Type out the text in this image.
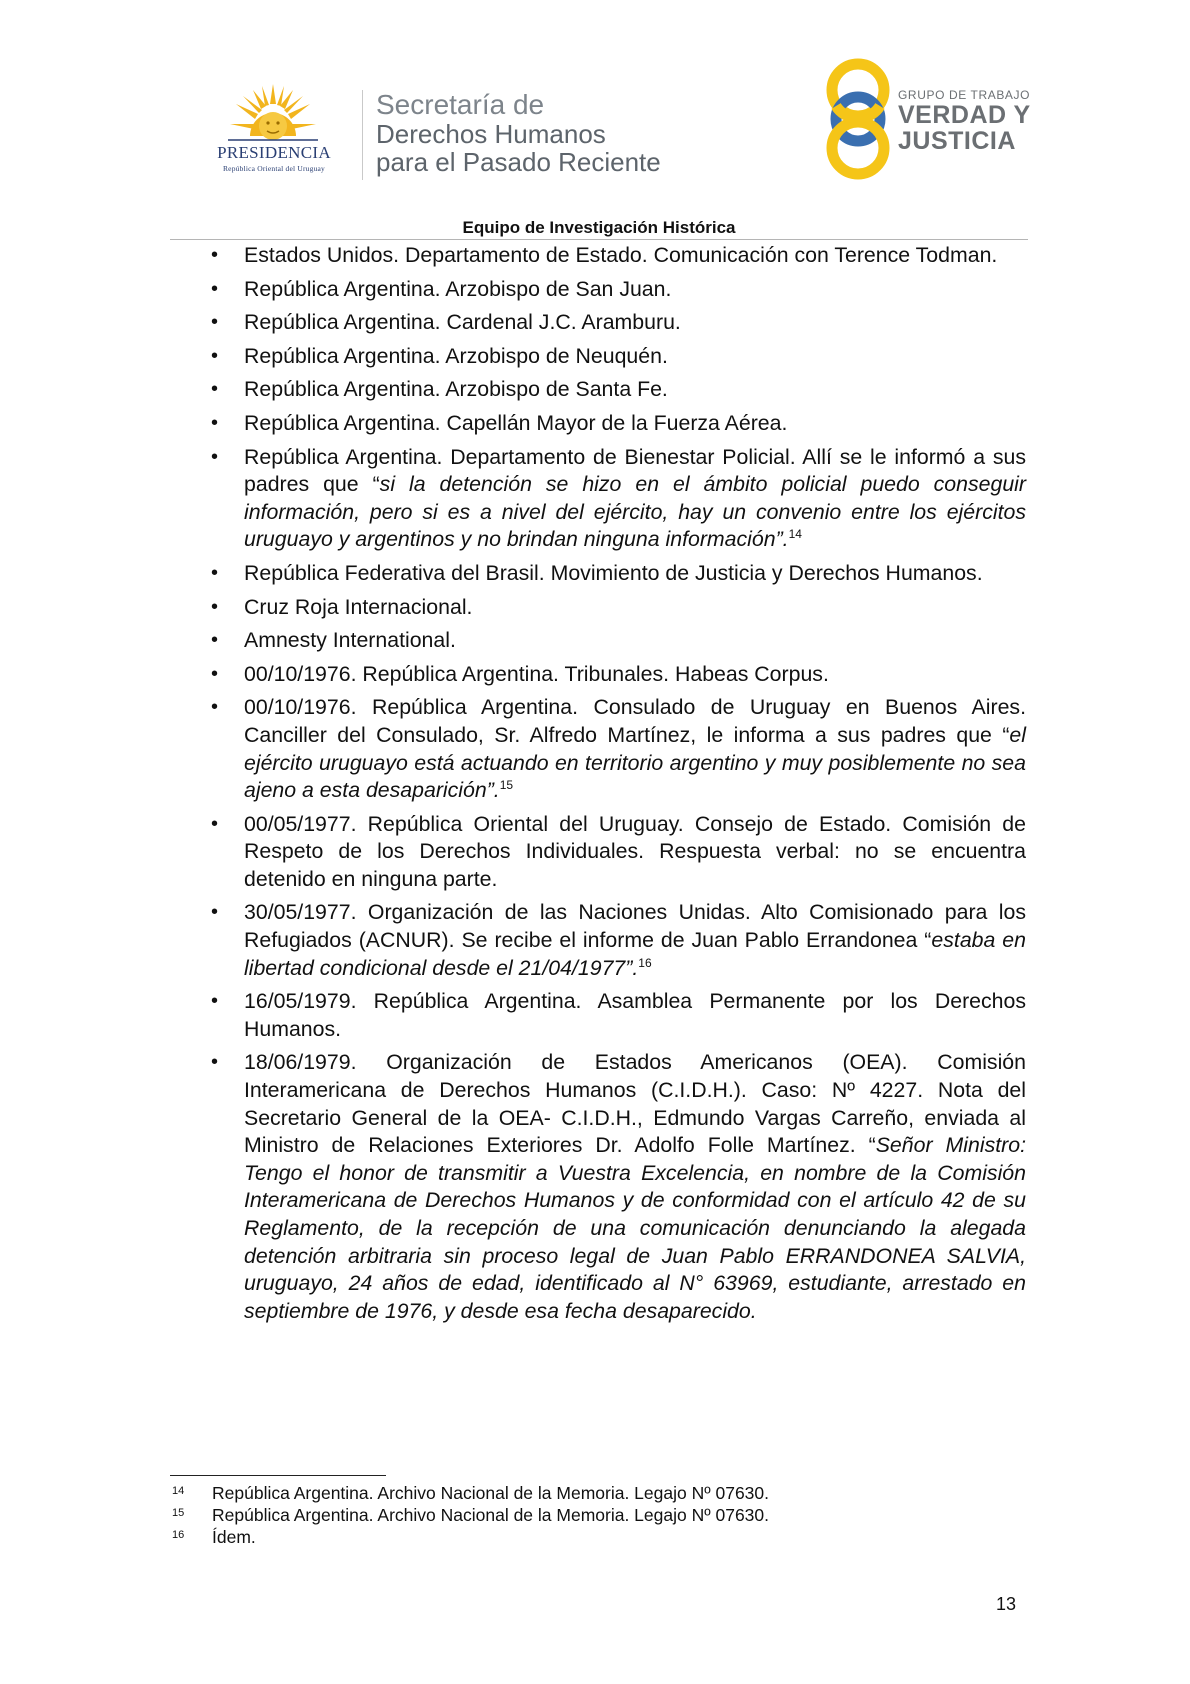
PRESIDENCIA
República Oriental del Uruguay
Secretaría de
Derechos Humanos
para el Pasado Reciente
GRUPO DE TRABAJO
VERDAD Y
JUSTICIA
Equipo de Investigación Histórica
• Estados Unidos. Departamento de Estado. Comunicación con Terence Todman.
• República Argentina. Arzobispo de San Juan.
• República Argentina. Cardenal J.C. Aramburu.
• República Argentina. Arzobispo de Neuquén.
• República Argentina. Arzobispo de Santa Fe.
• República Argentina. Capellán Mayor de la Fuerza Aérea.
• República Argentina. Departamento de Bienestar Policial. Allí se le informó a sus padres que “si la detención se hizo en el ámbito policial puedo conseguir información, pero si es a nivel del ejército, hay un convenio entre los ejércitos uruguayo y argentinos y no brindan ninguna información”.$^{14}$
• República Federativa del Brasil. Movimiento de Justicia y Derechos Humanos.
• Cruz Roja Internacional.
• Amnesty International.
• 00/10/1976. República Argentina. Tribunales. Habeas Corpus.
• 00/10/1976. República Argentina. Consulado de Uruguay en Buenos Aires. Canciller del Consulado, Sr. Alfredo Martínez, le informa a sus padres que “el ejército uruguayo está actuando en territorio argentino y muy posiblemente no sea ajeno a esta desaparición”.$^{15}$
• 00/05/1977. República Oriental del Uruguay. Consejo de Estado. Comisión de Respeto de los Derechos Individuales. Respuesta verbal: no se encuentra detenido en ninguna parte.
• 30/05/1977. Organización de las Naciones Unidas. Alto Comisionado para los Refugiados (ACNUR). Se recibe el informe de Juan Pablo Errandonea “estaba en libertad condicional desde el 21/04/1977”.$^{16}$
• 16/05/1979. República Argentina. Asamblea Permanente por los Derechos Humanos.
• 18/06/1979. Organización de Estados Americanos (OEA). Comisión Interamericana de Derechos Humanos (C.I.D.H.). Caso: Nº 4227. Nota del Secretario General de la OEA- C.I.D.H., Edmundo Vargas Carreño, enviada al Ministro de Relaciones Exteriores Dr. Adolfo Folle Martínez. “Señor Ministro: Tengo el honor de transmitir a Vuestra Excelencia, en nombre de la Comisión Interamericana de Derechos Humanos y de conformidad con el artículo 42 de su Reglamento, de la recepción de una comunicación denunciando la alegada detención arbitraria sin proceso legal de Juan Pablo ERRANDONEA SALVIA, uruguayo, 24 años de edad, identificado al N° 63969, estudiante, arrestado en septiembre de 1976, y desde esa fecha desaparecido.
14 República Argentina. Archivo Nacional de la Memoria. Legajo Nº 07630.
15 República Argentina. Archivo Nacional de la Memoria. Legajo Nº 07630.
16 Ídem.
13
